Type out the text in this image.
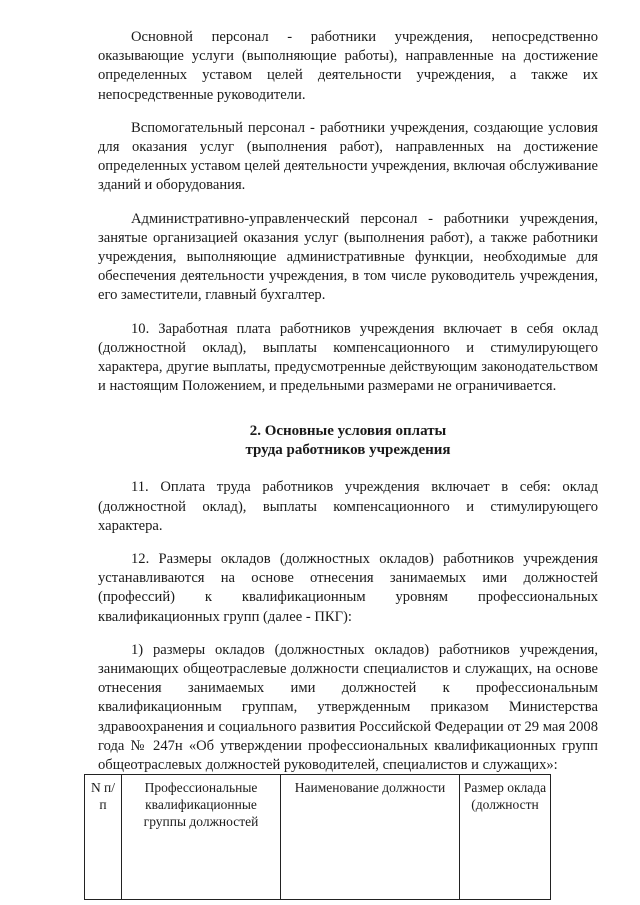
Основной персонал - работники учреждения, непосредственно оказывающие услуги (выполняющие работы), направленные на достижение определенных уставом целей деятельности учреждения, а также их непосредственные руководители.

Вспомогательный персонал - работники учреждения, создающие условия для оказания услуг (выполнения работ), направленных на достижение определенных уставом целей деятельности учреждения, включая обслуживание зданий и оборудования.

Административно-управленческий персонал - работники учреждения, занятые организацией оказания услуг (выполнения работ), а также работники учреждения, выполняющие административные функции, необходимые для обеспечения деятельности учреждения, в том числе руководитель учреждения, его заместители, главный бухгалтер.

10. Заработная плата работников учреждения включает в себя оклад (должностной оклад), выплаты компенсационного и стимулирующего характера, другие выплаты, предусмотренные действующим законодательством и настоящим Положением, и предельными размерами не ограничивается.

2. Основные условия оплаты
труда работников учреждения

11. Оплата труда работников учреждения включает в себя: оклад (должностной оклад), выплаты компенсационного и стимулирующего характера.

12. Размеры окладов (должностных окладов) работников учреждения устанавливаются на основе отнесения занимаемых ими должностей (профессий) к квалификационным уровням профессиональных квалификационных групп (далее - ПКГ):

1) размеры окладов (должностных окладов) работников учреждения, занимающих общеотраслевые должности специалистов и служащих, на основе отнесения занимаемых ими должностей к профессиональным квалификационным группам, утвержденным приказом Министерства здравоохранения и социального развития Российской Федерации от 29 мая 2008 года № 247н «Об утверждении профессиональных квалификационных групп общеотраслевых должностей руководителей, специалистов и служащих»:

N п/п	Профессиональные квалификационные группы должностей	Наименование должности	Размер оклада (должностн
